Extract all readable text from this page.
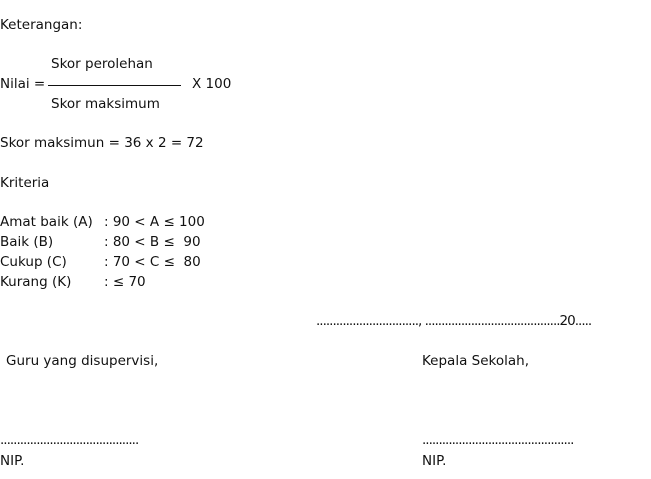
Keterangan:
Nilai =
Skor perolehan
Skor maksimum
X 100
Skor maksimun = 36 x 2 = 72
Kriteria
Amat baik (A) : 90 < A ≤ 100
Baik (B)	: 80 < B ≤  90
Cukup (C)	: 70 < C ≤  80
Kurang (K) : ≤ 70
..............................., .........................................20.....
Guru yang disupervisi,	Kepala Sekolah,
..........................................	..............................................
NIP.	NIP.
